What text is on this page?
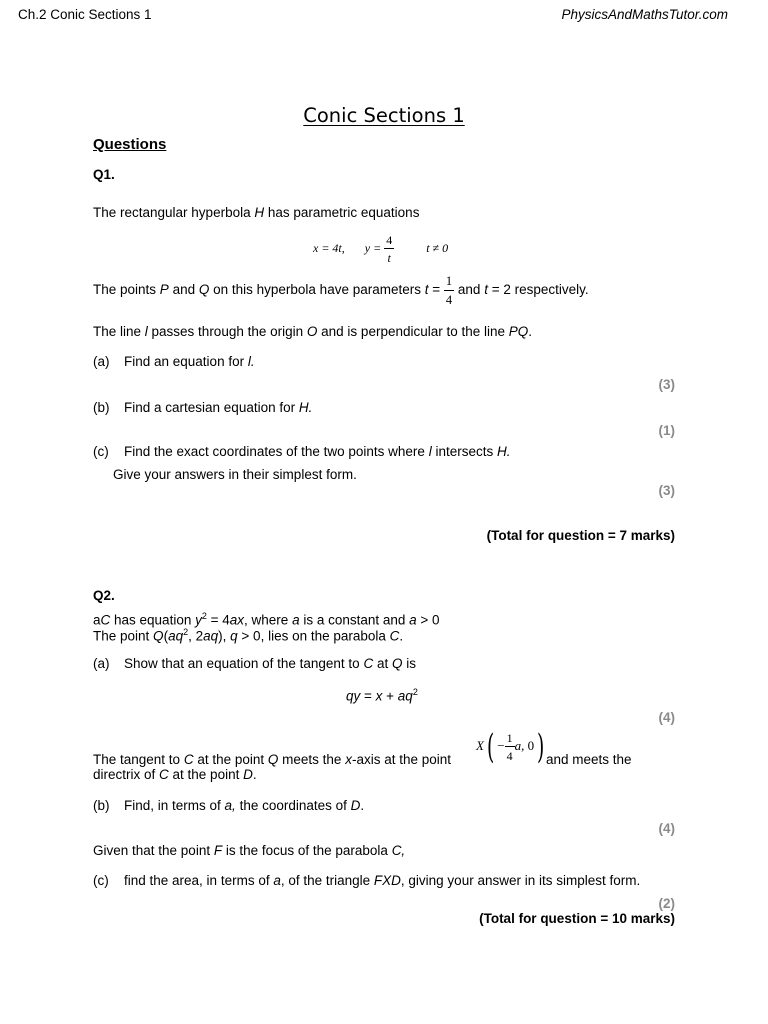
Ch.2 Conic Sections 1	PhysicsAndMathsTutor.com
Conic Sections 1
Questions
Q1.
The rectangular hyperbola H has parametric equations
x = 4t, $y = \frac{4}{t}$	t ≠ 0
The points P and Q on this hyperbola have parameters $t = \frac{1}{4}$ and t = 2 respectively.
The line l passes through the origin O and is perpendicular to the line PQ.
(a) Find an equation for l.
(3)
(b) Find a cartesian equation for H.
(1)
(c) Find the exact coordinates of the two points where l intersects H.
Give your answers in their simplest form.
(3)
(Total for question = 7 marks)
Q2.
aC has equation $y^2 = 4ax$, where a is a constant and a > 0
The point $Q(aq^2$, 2aq), q > 0, lies on the parabola C.
(a) Show that an equation of the tangent to C at Q is
qy = $x + aq^2$
(4)
The tangent to C at the point Q meets the x-axis at the point
$X( - \frac{1}{4} a$, 0) and meets the
directrix of C at the point D.
(b) Find, in terms of a, the coordinates of D.
(4)
Given that the point F is the focus of the parabola C,
(c) find the area, in terms of a, of the triangle FXD, giving your answer in its simplest form.
(2)
(Total for question = 10 marks)
